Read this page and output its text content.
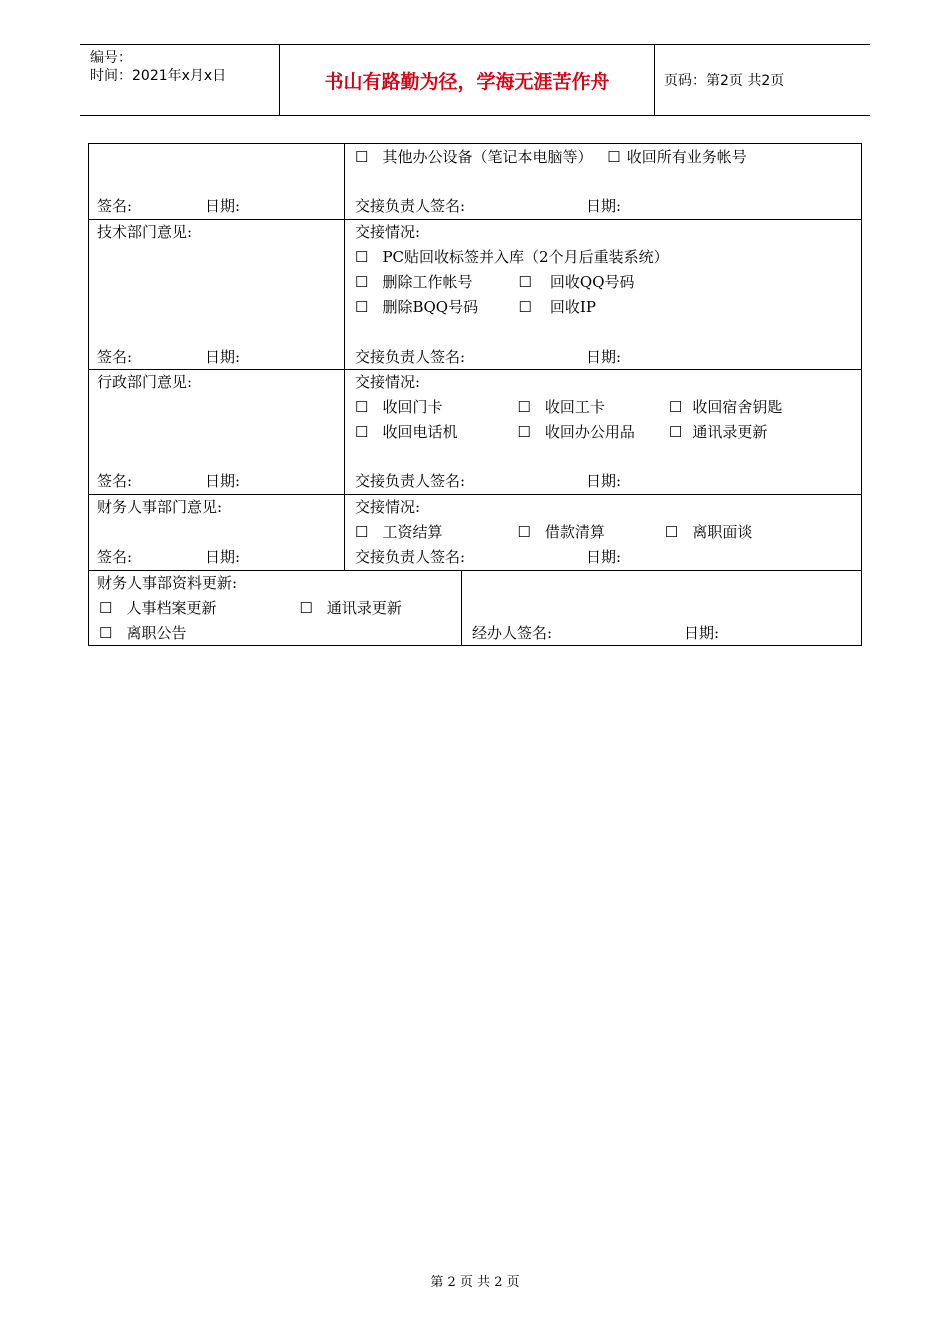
编号：
时间：2021年x月x日	书山有路勤为径，学海无涯苦作舟	页码：第2页 共2页
签名:	日期:
☐ 其他办公设备（笔记本电脑等） ☐ 收回所有业务帐号
交接负责人签名:	日期:
技术部门意见:
签名:	日期:
交接情况:
☐ PC贴回收标签并入库（2个月后重装系统）
☐ 删除工作帐号	☐ 回收QQ号码
☐ 删除BQQ号码	☐ 回收IP
交接负责人签名:	日期:
行政部门意见:
签名:	日期:
交接情况:
☐ 收回门卡	☐ 收回工卡	☐ 收回宿舍钥匙
☐ 收回电话机	☐ 收回办公用品 ☐ 通讯录更新
交接负责人签名:	日期:
财务人事部门意见:
签名:	日期:
交接情况:
☐ 工资结算	☐ 借款清算	☐ 离职面谈
交接负责人签名:	日期:
财务人事部资料更新:
☐ 人事档案更新	☐ 通讯录更新
☐ 离职公告	经办人签名:	日期:
第 2 页 共 2 页
